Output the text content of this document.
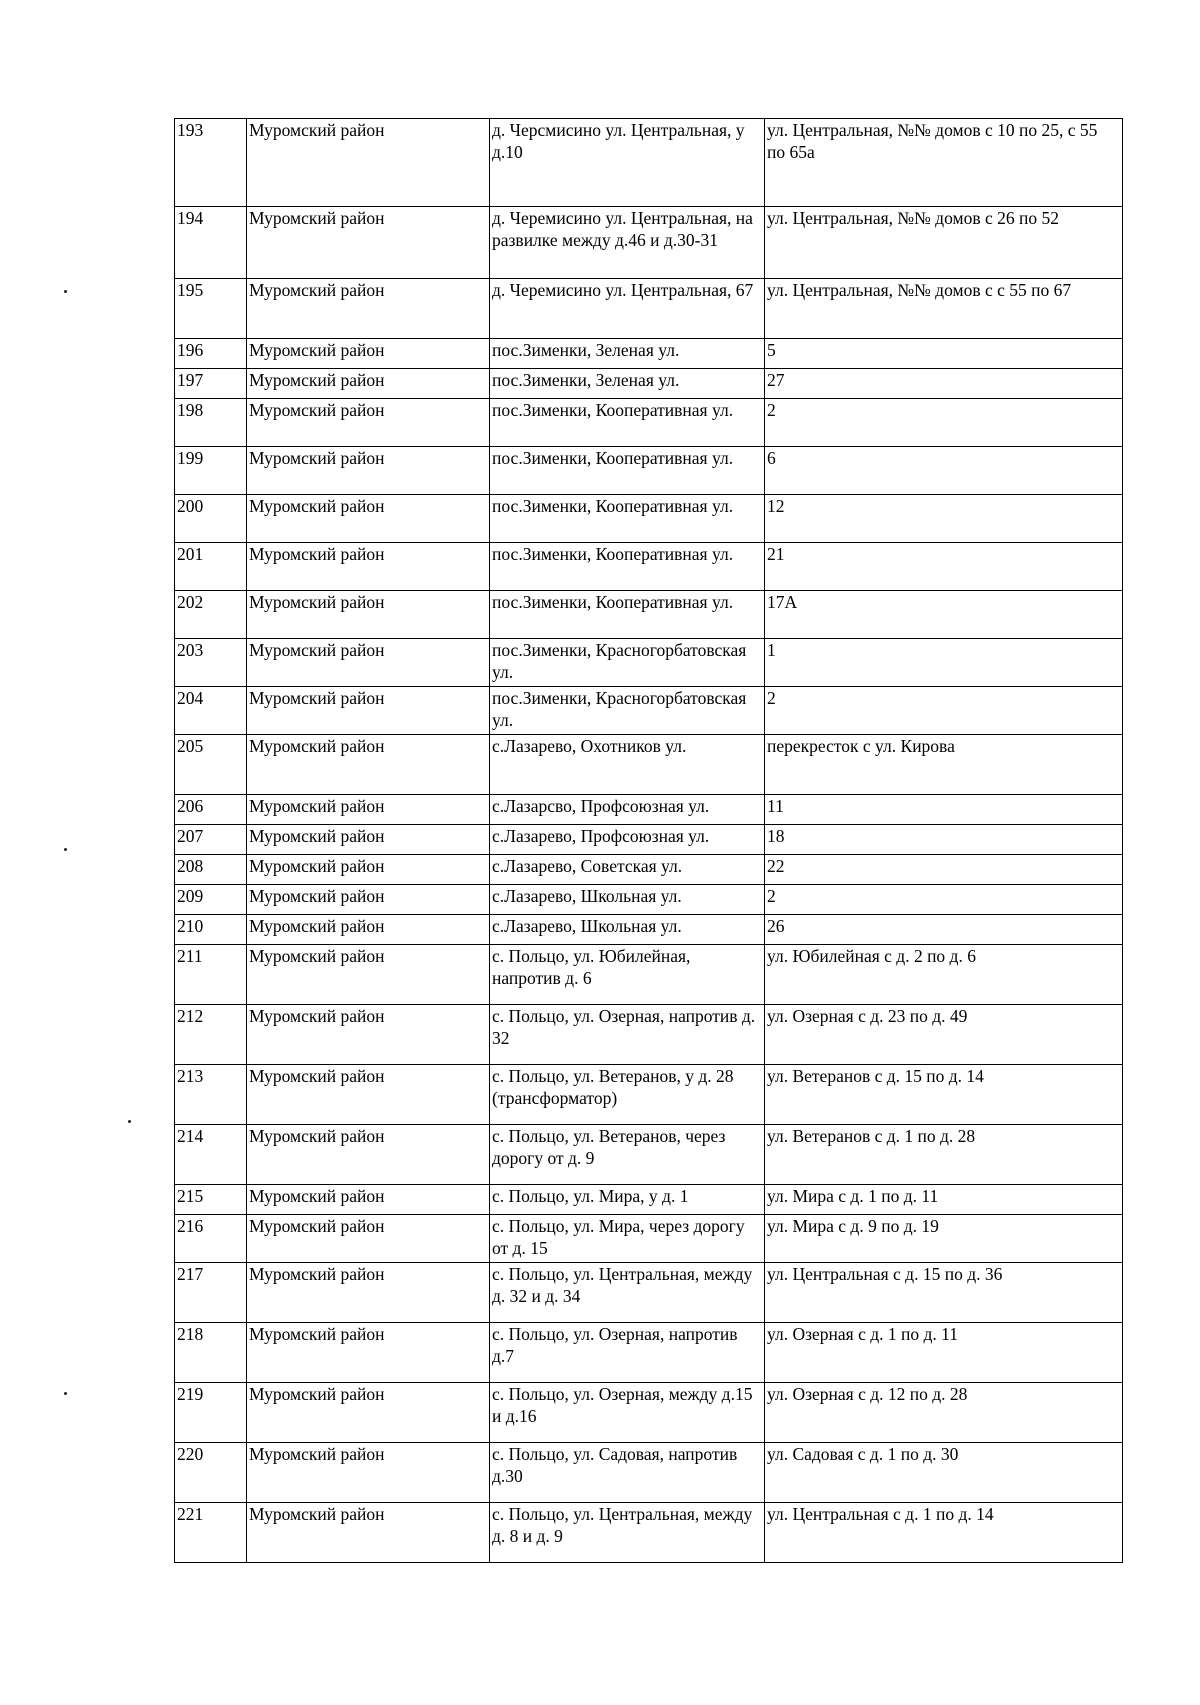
193	Муромский район	д. Черсмисино ул. Центральная, у д.10	ул. Центральная, №№ домов с 10 по 25, с 55 по 65а
194	Муромский район	д. Черемисино ул. Центральная, на развилке между д.46 и д.30-31	ул. Центральная, №№ домов с 26 по 52
195	Муромский район	д. Черемисино ул. Центральная, 67	ул. Центральная, №№ домов с с 55 по 67
196	Муромский район	пос.Зименки, Зеленая ул.	5
197	Муромский район	пос.Зименки, Зеленая ул.	27
198	Муромский район	пос.Зименки, Кооперативная ул.	2
199	Муромский район	пос.Зименки, Кооперативная ул.	6
200	Муромский район	пос.Зименки, Кооперативная ул.	12
201	Муромский район	пос.Зименки, Кооперативная ул.	21
202	Муромский район	пос.Зименки, Кооперативная ул.	17А
203	Муромский район	пос.Зименки, Красногорбатовская ул.	1
204	Муромский район	пос.Зименки, Красногорбатовская ул.	2
205	Муромский район	с.Лазарево, Охотников ул.	перекресток с ул. Кирова
206	Муромский район	с.Лазарсво, Профсоюзная ул.	11
207	Муромский район	с.Лазарево, Профсоюзная ул.	18
208	Муромский район	с.Лазарево, Советская ул.	22
209	Муромский район	с.Лазарево, Школьная ул.	2
210	Муромский район	с.Лазарево, Школьная ул.	26
211	Муромский район	с. Польцо, ул. Юбилейная, напротив д. 6	ул. Юбилейная с д. 2 по д. 6
212	Муромский район	с. Польцо, ул. Озерная, напротив д. 32	ул. Озерная с д. 23 по д. 49
213	Муромский район	с. Польцо, ул. Ветеранов, у д. 28 (трансформатор)	ул. Ветеранов с д. 15 по д. 14
214	Муромский район	с. Польцо, ул. Ветеранов, через дорогу от д. 9	ул. Ветеранов с д. 1 по д. 28
215	Муромский район	с. Польцо, ул. Мира, у д. 1	ул. Мира с д. 1 по д. 11
216	Муромский район	с. Польцо, ул. Мира, через дорогу от д. 15	ул. Мира с д. 9 по д. 19
217	Муромский район	с. Польцо, ул. Центральная, между д. 32 и д. 34	ул. Центральная с д. 15 по д. 36
218	Муромский район	с. Польцо, ул. Озерная, напротив д.7	ул. Озерная с д. 1 по д. 11
219	Муромский район	с. Польцо, ул. Озерная, между д.15 и д.16	ул. Озерная с д. 12 по д. 28
220	Муромский район	с. Польцо, ул. Садовая, напротив д.30	ул. Садовая с д. 1 по д. 30
221	Муромский район	с. Польцо, ул. Центральная, между д. 8 и д. 9	ул. Центральная с д. 1 по д. 14
